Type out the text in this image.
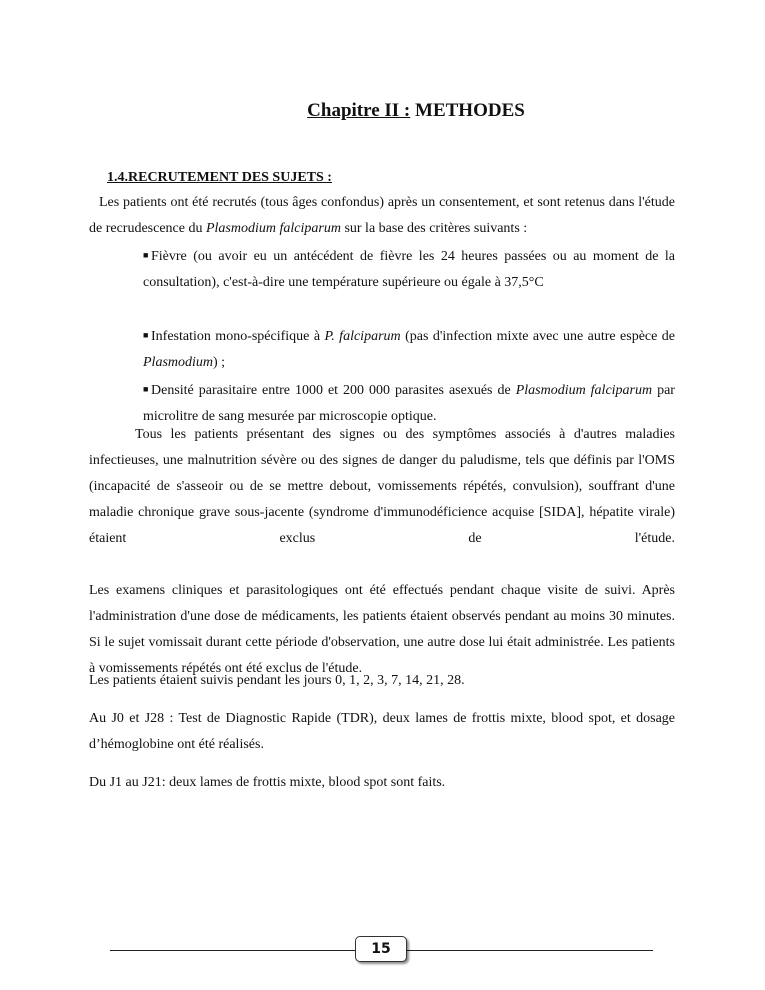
Chapitre II : METHODES
1.4.RECRUTEMENT DES SUJETS :

Les patients ont été recrutés (tous âges confondus) après un consentement, et sont retenus dans l'étude de recrudescence du Plasmodium falciparum sur la base des critères suivants :

■ Fièvre (ou avoir eu un antécédent de fièvre les 24 heures passées ou au moment de la consultation), c'est-à-dire une température supérieure ou égale à 37,5°C

■ Infestation mono-spécifique à P. falciparum (pas d'infection mixte avec une autre espèce de Plasmodium) ;

■ Densité parasitaire entre 1000 et 200 000 parasites asexués de Plasmodium falciparum par microlitre de sang mesurée par microscopie optique.

Tous les patients présentant des signes ou des symptômes associés à d'autres maladies infectieuses, une malnutrition sévère ou des signes de danger du paludisme, tels que définis par l'OMS (incapacité de s'asseoir ou de se mettre debout, vomissements répétés, convulsion), souffrant d'une maladie chronique grave sous-jacente (syndrome d'immunodéficience acquise [SIDA], hépatite virale) étaient exclus de l'étude.

Les examens cliniques et parasitologiques ont été effectués pendant chaque visite de suivi. Après l'administration d'une dose de médicaments, les patients étaient observés pendant au moins 30 minutes. Si le sujet vomissait durant cette période d'observation, une autre dose lui était administrée. Les patients à vomissements répétés ont été exclus de l'étude.

Les patients étaient suivis pendant les jours 0, 1, 2, 3, 7, 14, 21, 28.
Au J0 et J28 : Test de Diagnostic Rapide (TDR), deux lames de frottis mixte, blood spot, et dosage d’hémoglobine ont été réalisés.
Du J1 au J21: deux lames de frottis mixte, blood spot sont faits.
15
